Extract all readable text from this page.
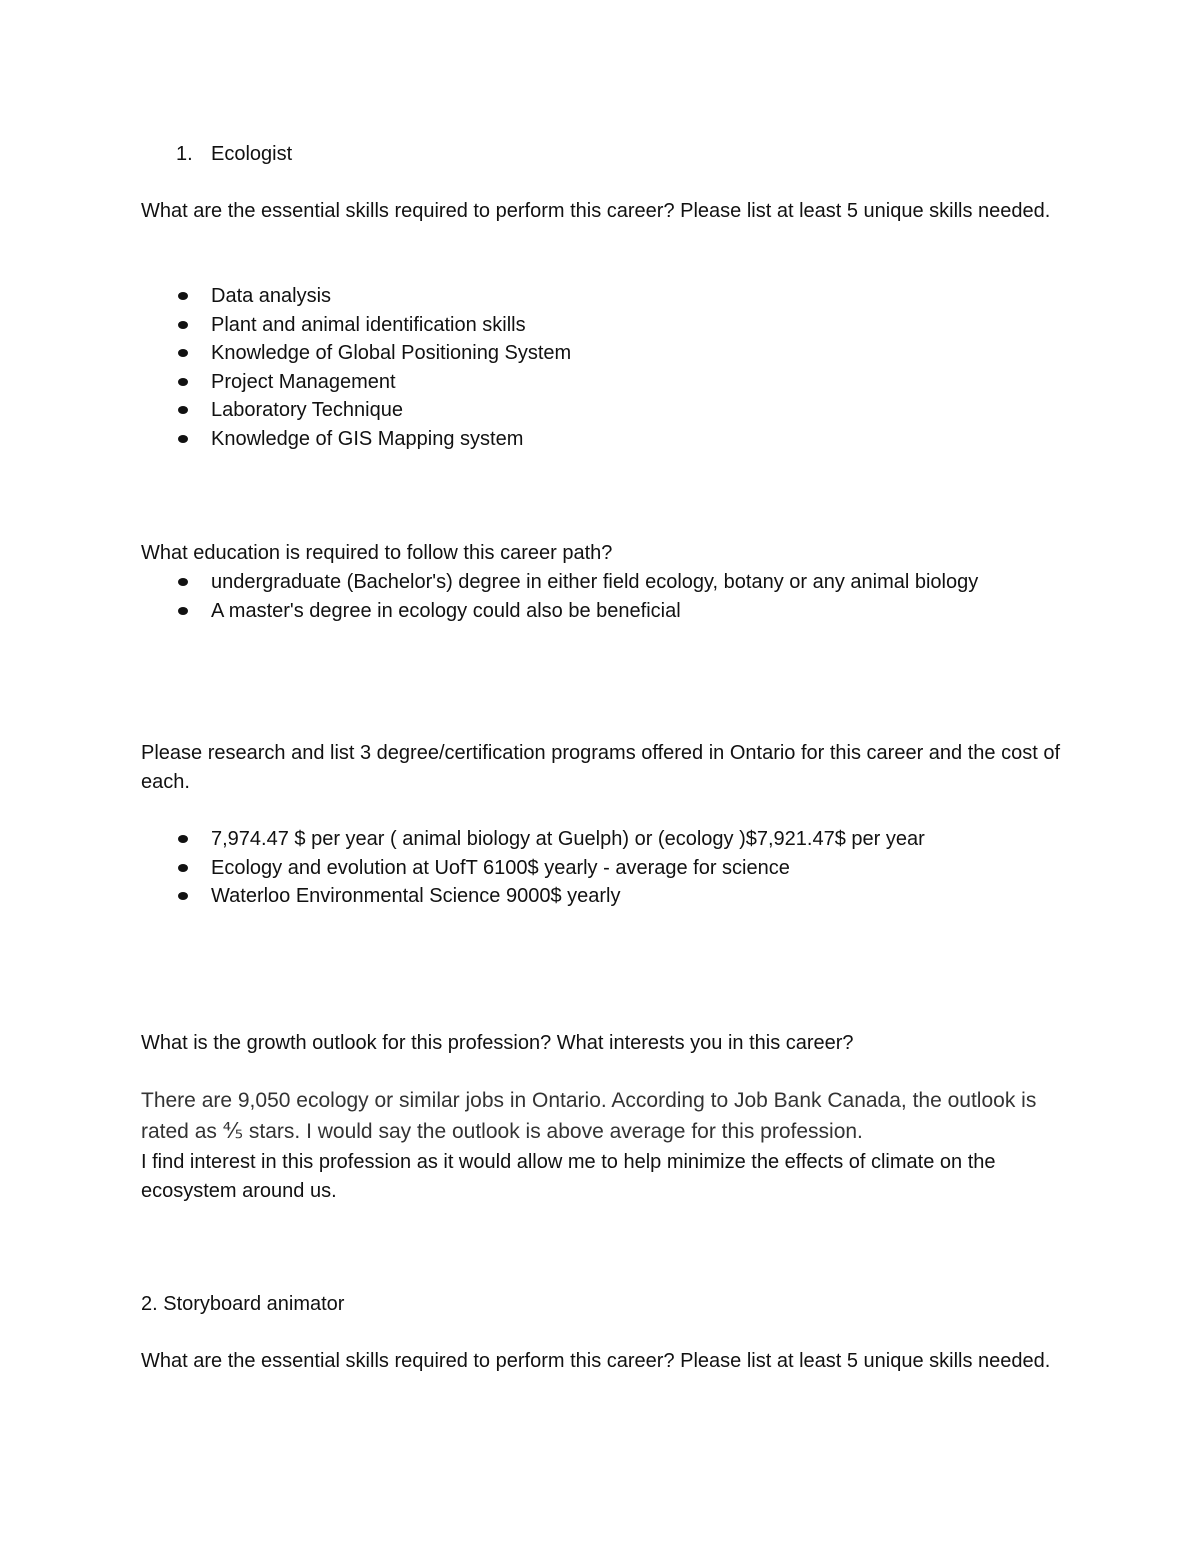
1. Ecologist

What are the essential skills required to perform this career? Please list at least 5 unique skills needed.

Data analysis
Plant and animal identification skills
Knowledge of Global Positioning System
Project Management
Laboratory Technique
Knowledge of GIS Mapping system

What education is required to follow this career path?

undergraduate (Bachelor's) degree in either field ecology, botany or any animal biology
A master's degree in ecology could also be beneficial

Please research and list 3 degree/certification programs offered in Ontario for this career and the cost of each.

7,974.47 $ per year ( animal biology at Guelph) or (ecology )$7,921.47$ per year
Ecology and evolution at UofT 6100$ yearly - average for science
Waterloo Environmental Science 9000$ yearly

What is the growth outlook for this profession? What interests you in this career?

There are 9,050 ecology or similar jobs in Ontario. According to Job Bank Canada, the outlook is rated as ⅘ stars. I would say the outlook is above average for this profession.

I find interest in this profession as it would allow me to help minimize the effects of climate on the ecosystem around us.

2. Storyboard animator

What are the essential skills required to perform this career? Please list at least 5 unique skills needed.
